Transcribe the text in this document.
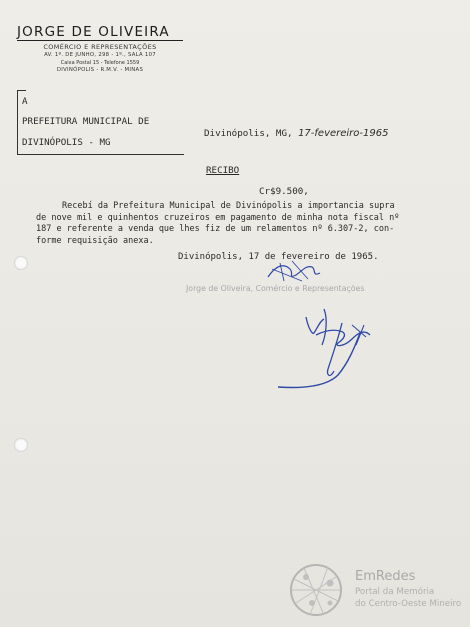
JORGE DE OLIVEIRA
COMÉRCIO E REPRESENTAÇÕES
AV. 1º. DE JUNHO, 298 - 1º., SALA 107
Caixa Postal 15 - Telefone 1559
DIVINÓPOLIS - R.M.V. - MINAS
A
PREFEITURA MUNICIPAL DE
DIVINÓPOLIS - MG
Divinópolis, MG, 17-fevereiro-1965
RECIBO
Cr$9.500,
Recebí da Prefeitura Municipal de Divinópolis a importancia supra
de nove mil e quinhentos cruzeiros em pagamento de minha nota fiscal nº
187 e referente a venda que lhes fiz de um relamentos nº 6.307-2, con-
forme requisição anexa.
Divinópolis, 17 de fevereiro de 1965.
Jorge de Oliveira, Comércio e Representações
EmRedes
Portal da Memória
do Centro-Oeste Mineiro
